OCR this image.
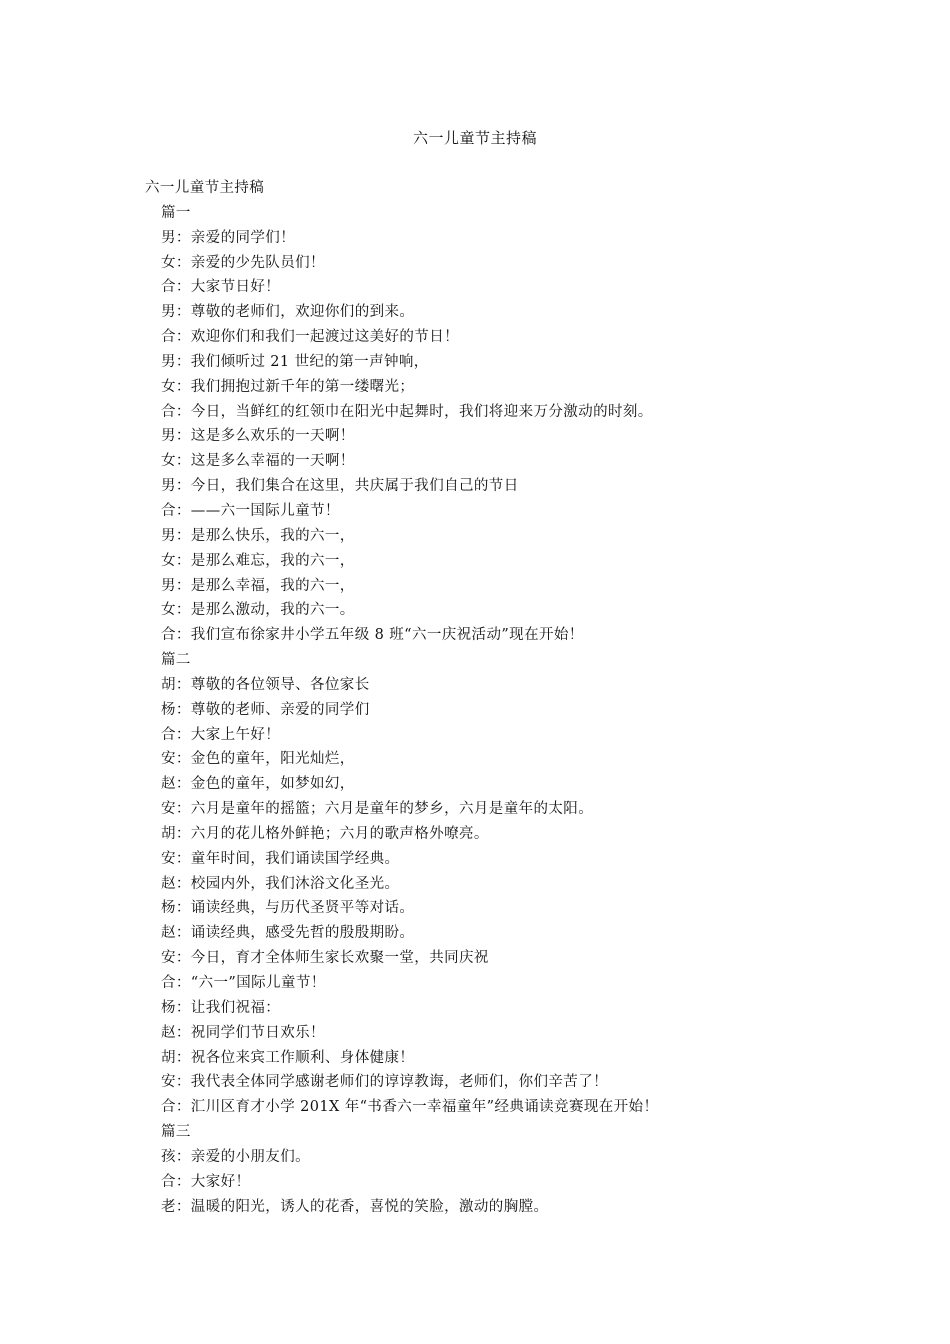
六一儿童节主持稿
六一儿童节主持稿
篇一
男：亲爱的同学们！
女：亲爱的少先队员们！
合：大家节日好！
男：尊敬的老师们，欢迎你们的到来。
合：欢迎你们和我们一起渡过这美好的节日！
男：我们倾听过 21 世纪的第一声钟响，
女：我们拥抱过新千年的第一缕曙光；
合：今日，当鲜红的红领巾在阳光中起舞时，我们将迎来万分激动的时刻。
男：这是多么欢乐的一天啊！
女：这是多么幸福的一天啊！
男：今日，我们集合在这里，共庆属于我们自己的节日
合：——六一国际儿童节！
男：是那么快乐，我的六一，
女：是那么难忘，我的六一，
男：是那么幸福，我的六一，
女：是那么激动，我的六一。
合：我们宣布徐家井小学五年级 8 班“六一庆祝活动”现在开始！
篇二
胡：尊敬的各位领导、各位家长
杨：尊敬的老师、亲爱的同学们
合：大家上午好！
安：金色的童年，阳光灿烂，
赵：金色的童年，如梦如幻，
安：六月是童年的摇篮；六月是童年的梦乡，六月是童年的太阳。
胡：六月的花儿格外鲜艳；六月的歌声格外嘹亮。
安：童年时间，我们诵读国学经典。
赵：校园内外，我们沐浴文化圣光。
杨：诵读经典，与历代圣贤平等对话。
赵：诵读经典，感受先哲的殷殷期盼。
安：今日，育才全体师生家长欢聚一堂，共同庆祝
合：“六一”国际儿童节！
杨：让我们祝福：
赵：祝同学们节日欢乐！
胡：祝各位来宾工作顺利、身体健康！
安：我代表全体同学感谢老师们的谆谆教诲，老师们，你们辛苦了！
合：汇川区育才小学 201X 年“书香六一幸福童年”经典诵读竞赛现在开始！
篇三
孩：亲爱的小朋友们。
合：大家好！
老：温暖的阳光，诱人的花香，喜悦的笑脸，激动的胸膛。
